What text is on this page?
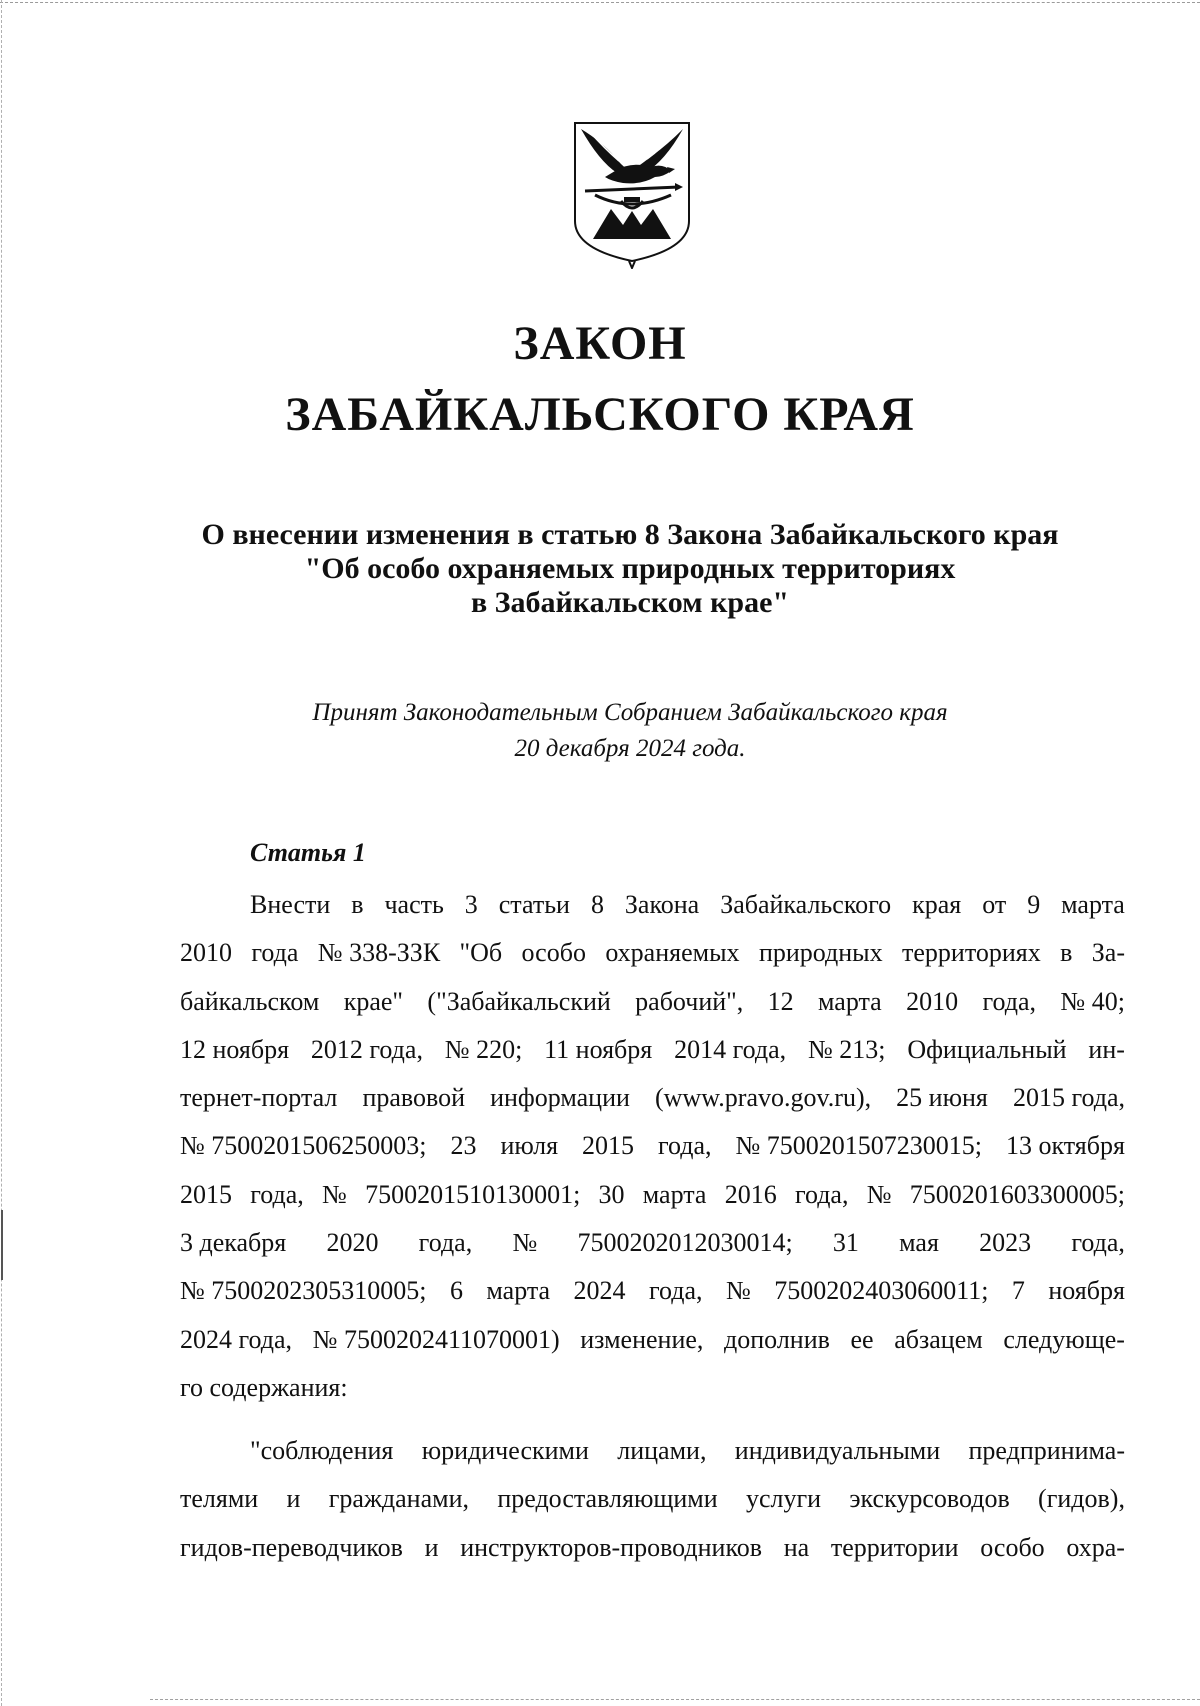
ЗАКОН
ЗАБАЙКАЛЬСКОГО КРАЯ
О внесении изменения в статью 8 Закона Забайкальского края
"Об особо охраняемых природных территориях
в Забайкальском крае"
Принят Законодательным Собранием Забайкальского края
20 декабря 2024 года.
Статья 1
Внести в часть 3 статьи 8 Закона Забайкальского края от 9 марта
2010 года № 338-ЗЗК "Об особо охраняемых природных территориях в За-
байкальском крае" ("Забайкальский рабочий", 12 марта 2010 года, № 40;
12 ноября 2012 года, № 220; 11 ноября 2014 года, № 213; Официальный ин-
тернет-портал правовой информации (www.pravo.gov.ru), 25 июня 2015 года,
№ 7500201506250003; 23 июля 2015 года, № 7500201507230015; 13 октября
2015 года, № 7500201510130001; 30 марта 2016 года, № 7500201603300005;
3 декабря 2020 года, № 7500202012030014; 31 мая 2023 года,
№ 7500202305310005; 6 марта 2024 года, № 7500202403060011; 7 ноября
2024 года, № 7500202411070001) изменение, дополнив ее абзацем следующе-
го содержания:
"соблюдения юридическими лицами, индивидуальными предпринима-
телями и гражданами, предоставляющими услуги экскурсоводов (гидов),
гидов-переводчиков и инструкторов-проводников на территории особо охра-
